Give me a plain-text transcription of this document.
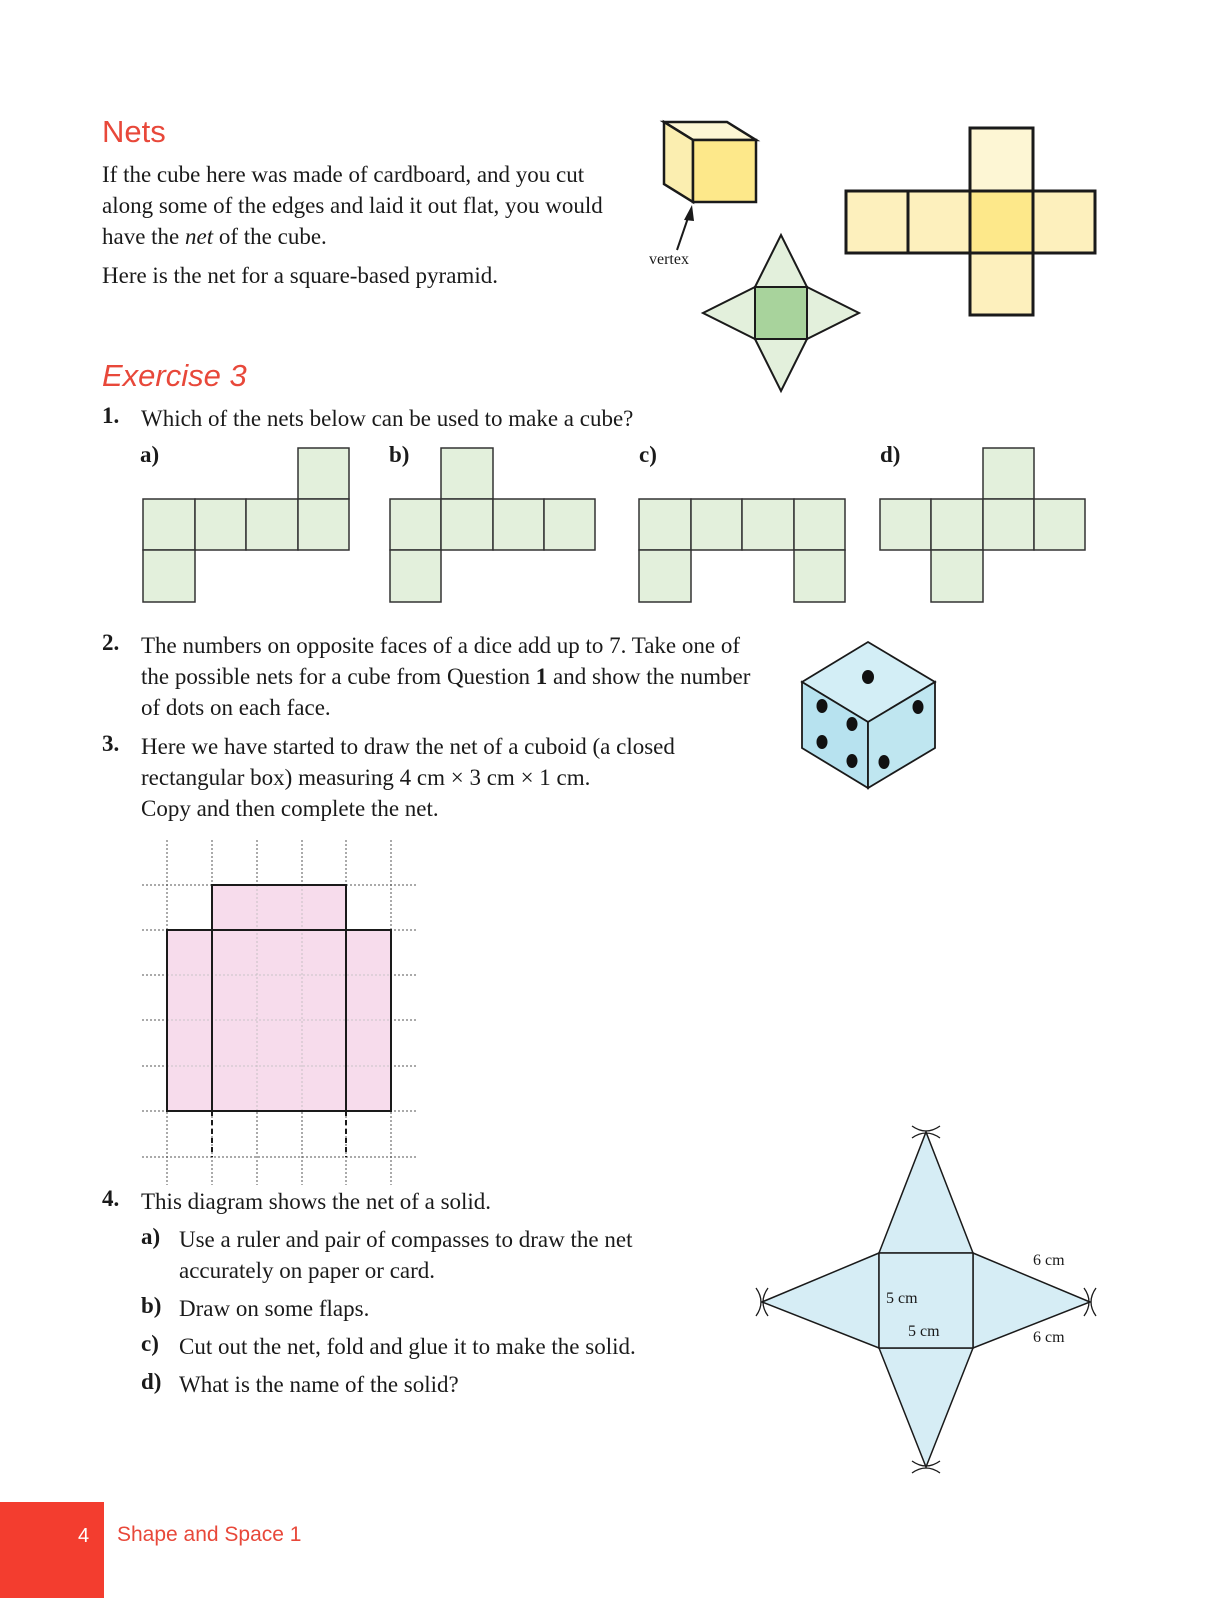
Nets
If the cube here was made of cardboard, and you cut along some of the edges and laid it out flat, you would have the net of the cube.
Here is the net for a square-based pyramid.
vertex
Exercise 3
1. Which of the nets below can be used to make a cube?
a)	b)	c)	d)
2. The numbers on opposite faces of a dice add up to 7. Take one of the possible nets for a cube from Question 1 and show the number of dots on each face.
3. Here we have started to draw the net of a cuboid (a closed
rectangular box) measuring 4 cm × 3 cm × 1 cm.
Copy and then complete the net.
4. This diagram shows the net of a solid.
a) Use a ruler and pair of compasses to draw the net accurately on paper or card.
b) Draw on some flaps.
c) Cut out the net, fold and glue it to make the solid.
d) What is the name of the solid?
5 cm
5 cm
6 cm
6 cm
4 Shape and Space 1
